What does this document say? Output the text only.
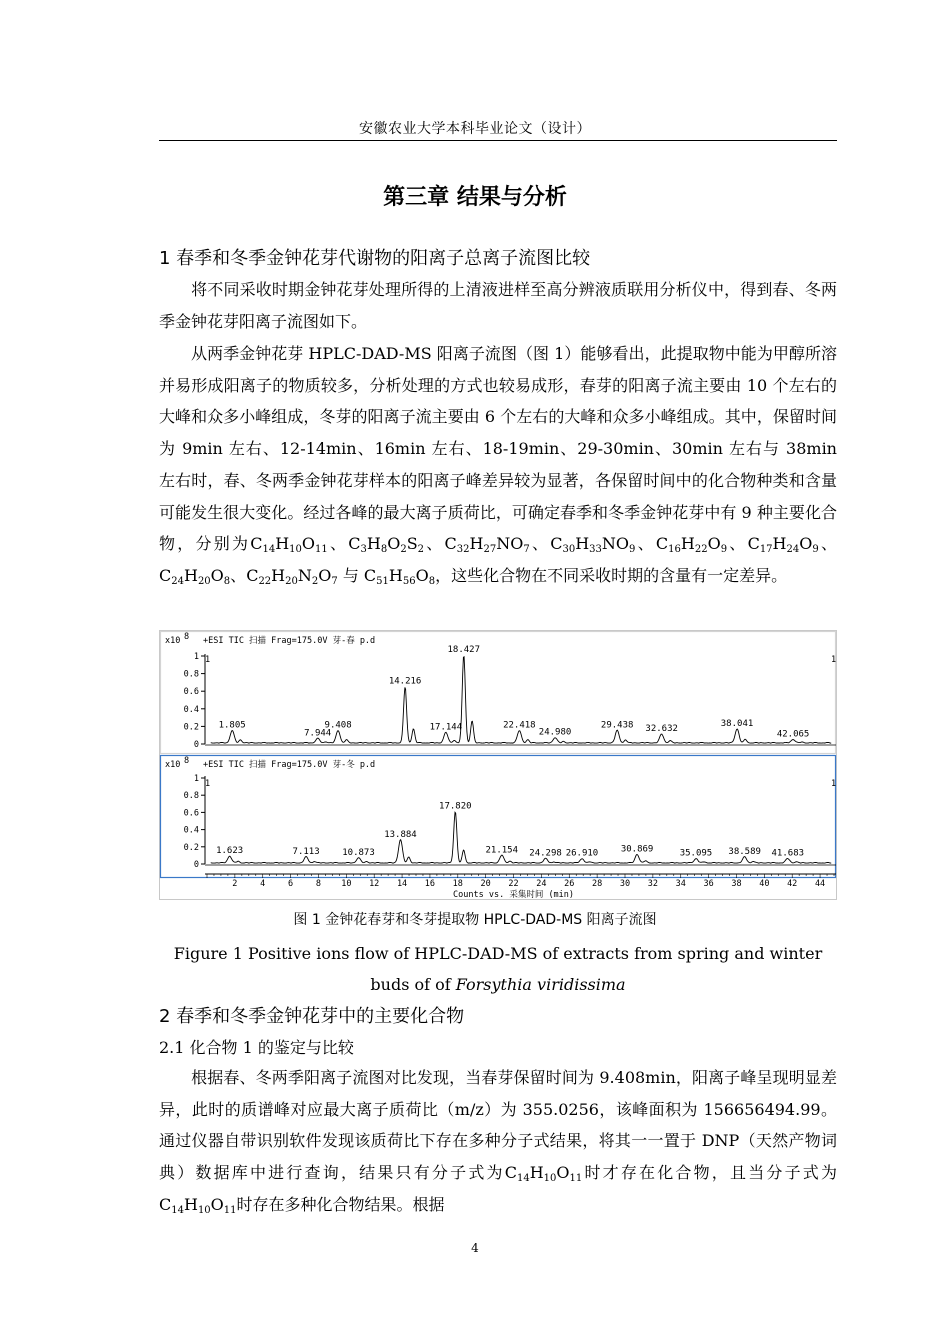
安徽农业大学本科毕业论文（设计）
第三章 结果与分析
1 春季和冬季金钟花芽代谢物的阳离子总离子流图比较
将不同采收时期金钟花芽处理所得的上清液进样至高分辨液质联用分析仪中，得到春、冬两季金钟花芽阳离子流图如下。
从两季金钟花芽 HPLC-DAD-MS 阳离子流图（图 1）能够看出，此提取物中能为甲醇所溶并易形成阳离子的物质较多，分析处理的方式也较易成形，春芽的阳离子流主要由 10 个左右的大峰和众多小峰组成，冬芽的阳离子流主要由 6 个左右的大峰和众多小峰组成。其中，保留时间为 9min 左右、12-14min、16min 左右、18-19min、29-30min、30min 左右与 38min 左右时，春、冬两季金钟花芽样本的阳离子峰差异较为显著，各保留时间中的化合物种类和含量可能发生很大变化。经过各峰的最大离子质荷比，可确定春季和冬季金钟花芽中有 9 种主要化合物，分别为$C_{14}H_{10}O_{11}$、$C_3H_8O_2S_2$、$C_{32}H_{27}NO_7$、$C_{30}H_{33}NO_9$、$C_{16}H_{22}O_9$、$C_{17}H_{24}O_9$、$C_{24}H_{20}O_8$、$C_{22}H_{20}N_2O_7$ 与 $C_{51}H_{56}O_8$，这些化合物在不同采收时期的含量有一定差异。
x10 8 +ESI TIC 扫描 Frag=175.0V 芽-春 p.d
1	1
1
0.8
0.6
0.4
0.2
0
1.805
7.944
9.408
14.216
17.144
18.427
22.418
24.980
29.438 32.632
38.041
42.065
x10 8 +ESI TIC 扫描 Frag=175.0V 芽-冬 p.d
1	1
1
0.8
0.6
0.4
0.2
0
1.623	7.113	10.873
13.884
17.820
21.154 24.298 26.910	30.869	35.095 38.589 41.683
2	4	6	8 10 12 14 16 18 20 22 24 26 28 30 32 34 36 38 40 42 44
Counts vs. 采集时间 (min)
图 1 金钟花春芽和冬芽提取物 HPLC-DAD-MS 阳离子流图
Figure 1 Positive ions flow of HPLC-DAD-MS of extracts from spring and winter buds of of Forsythia viridissima
2 春季和冬季金钟花芽中的主要化合物
2.1 化合物 1 的鉴定与比较
根据春、冬两季阳离子流图对比发现，当春芽保留时间为 9.408min，阳离子峰呈现明显差异，此时的质谱峰对应最大离子质荷比（m/z）为 355.0256，该峰面积为 156656494.99。通过仪器自带识别软件发现该质荷比下存在多种分子式结果，将其一一置于 DNP（天然产物词典）数据库中进行查询，结果只有分子式为$C_{14}H_{10}O_{11}$时才存在化合物，且当分子式为$C_{14}H_{10}O_{11}$时存在多种化合物结果。根据
4
